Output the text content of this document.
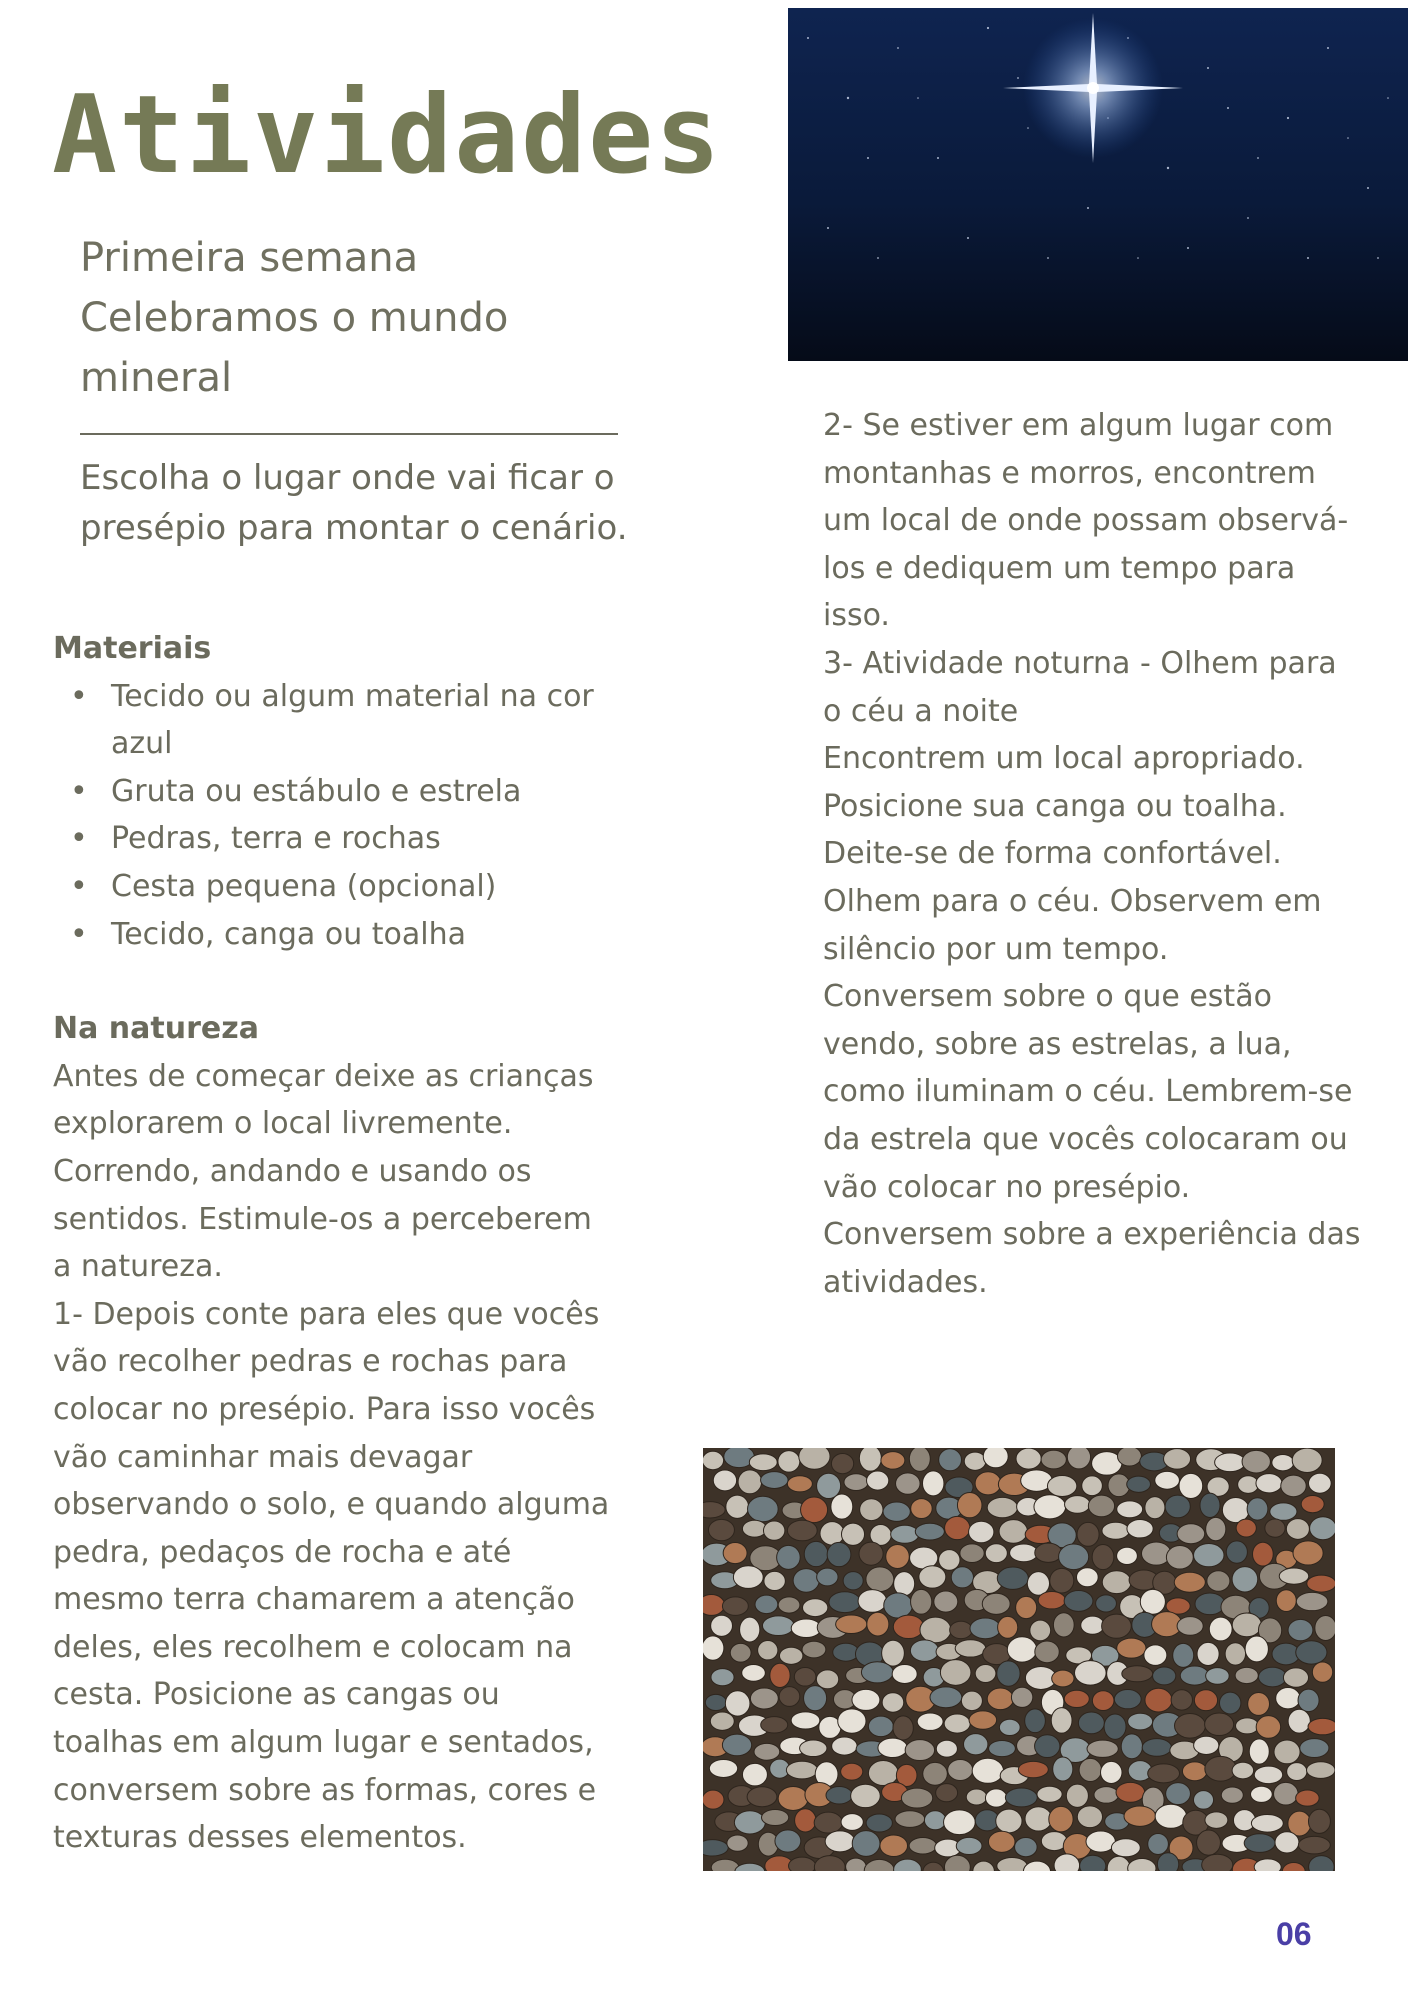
Atividades
Primeira semana
Celebramos o mundo
mineral

Escolha o lugar onde vai ficar o presépio para montar o cenário.

Materiais

• Tecido ou algum material na cor azul
• Gruta ou estábulo e estrela
• Pedras, terra e rochas
• Cesta pequena (opcional)
• Tecido, canga ou toalha

Na natureza

Antes de começar deixe as crianças explorarem o local livremente. Correndo, andando e usando os sentidos. Estimule-os a perceberem a natureza.

1- Depois conte para eles que vocês vão recolher pedras e rochas para colocar no presépio. Para isso vocês vão caminhar mais devagar observando o solo, e quando alguma pedra, pedaços de rocha e até mesmo terra chamarem a atenção deles, eles recolhem e colocam na cesta. Posicione as cangas ou toalhas em algum lugar e sentados, conversem sobre as formas, cores e texturas desses elementos.

2- Se estiver em algum lugar com montanhas e morros, encontrem um local de onde possam observá-los e dediquem um tempo para isso.

3- Atividade noturna - Olhem para o céu a noite

Encontrem um local apropriado.

Posicione sua canga ou toalha.

Deite-se de forma confortável.

Olhem para o céu. Observem em silêncio por um tempo.

Conversem sobre o que estão vendo, sobre as estrelas, a lua, como iluminam o céu. Lembrem-se da estrela que vocês colocaram ou vão colocar no presépio.

Conversem sobre a experiência das atividades.

06
